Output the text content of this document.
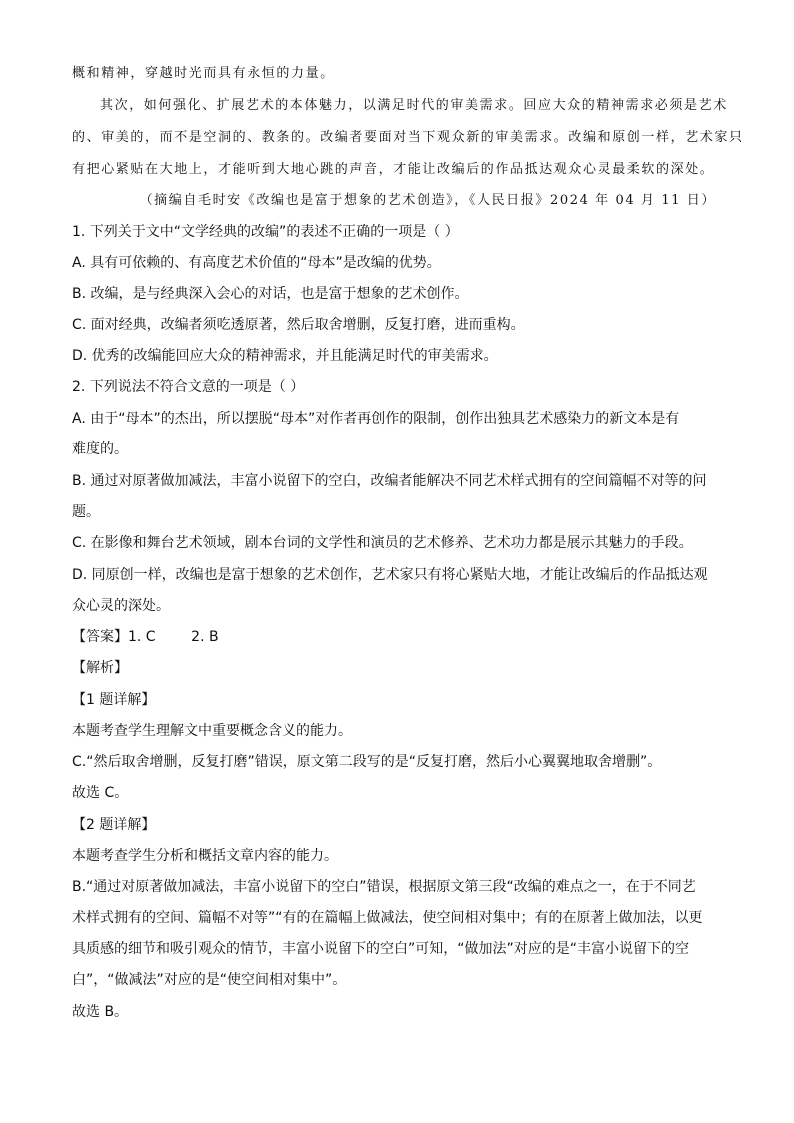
概和精神，穿越时光而具有永恒的力量。
其次，如何强化、扩展艺术的本体魅力，以满足时代的审美需求。回应大众的精神需求必须是艺术
的、审美的，而不是空洞的、教条的。改编者要面对当下观众新的审美需求。改编和原创一样，艺术家只
有把心紧贴在大地上，才能听到大地心跳的声音，才能让改编后的作品抵达观众心灵最柔软的深处。
（摘编自毛时安《改编也是富于想象的艺术创造》，《人民日报》2024 年 04 月 11 日）
1. 下列关于文中“文学经典的改编”的表述不正确的一项是（ ）
A. 具有可依赖的、有高度艺术价值的“母本”是改编的优势。
B. 改编，是与经典深入会心的对话，也是富于想象的艺术创作。
C. 面对经典，改编者须吃透原著，然后取舍增删，反复打磨，进而重构。
D. 优秀的改编能回应大众的精神需求，并且能满足时代的审美需求。
2. 下列说法不符合文意的一项是（ ）
A. 由于“母本”的杰出，所以摆脱“母本”对作者再创作的限制，创作出独具艺术感染力的新文本是有
难度的。
B. 通过对原著做加减法，丰富小说留下的空白，改编者能解决不同艺术样式拥有的空间篇幅不对等的问
题。
C. 在影像和舞台艺术领域，剧本台词的文学性和演员的艺术修养、艺术功力都是展示其魅力的手段。
D. 同原创一样，改编也是富于想象的艺术创作，艺术家只有将心紧贴大地，才能让改编后的作品抵达观
众心灵的深处。
【答案】1. C        2. B
【解析】
【1 题详解】
本题考查学生理解文中重要概念含义的能力。
C.“然后取舍增删，反复打磨”错误，原文第二段写的是“反复打磨，然后小心翼翼地取舍增删”。
故选 C。
【2 题详解】
本题考查学生分析和概括文章内容的能力。
B.“通过对原著做加减法，丰富小说留下的空白”错误，根据原文第三段“改编的难点之一，在于不同艺
术样式拥有的空间、篇幅不对等”“有的在篇幅上做减法，使空间相对集中；有的在原著上做加法，以更
具质感的细节和吸引观众的情节，丰富小说留下的空白”可知，“做加法”对应的是“丰富小说留下的空
白”，“做减法”对应的是“使空间相对集中”。
故选 B。
